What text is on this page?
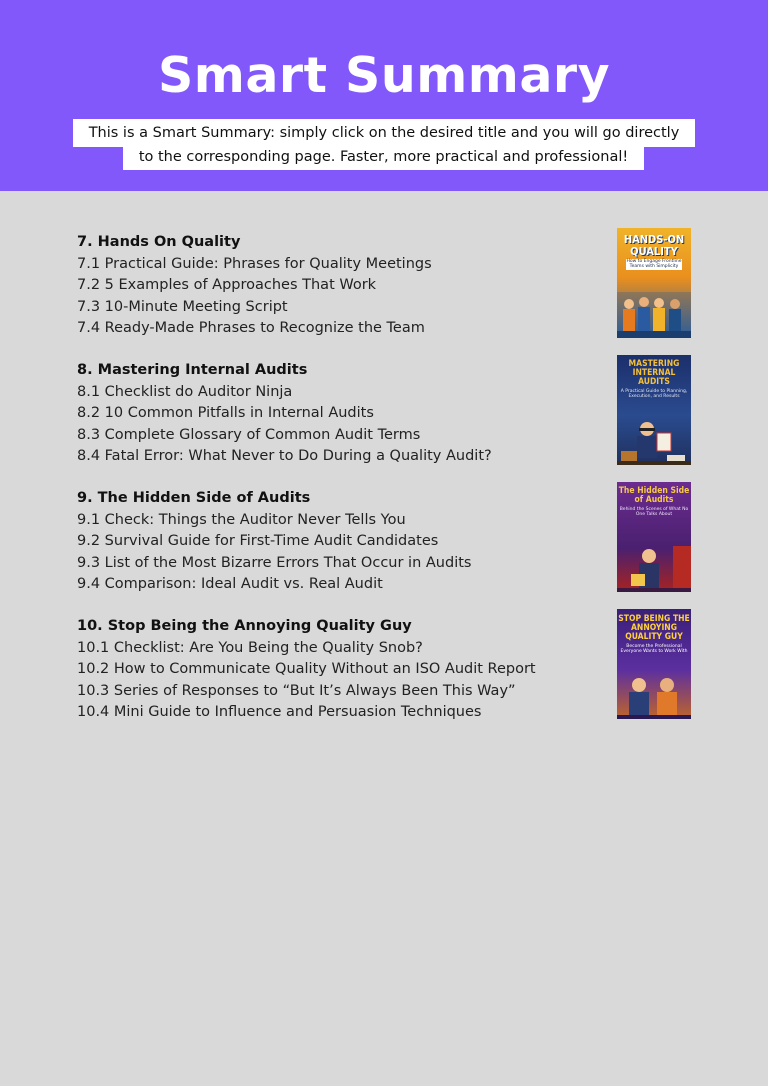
Smart Summary
This is a Smart Summary: simply click on the desired title and you will go directly
to the corresponding page. Faster, more practical and professional!
7. Hands On Quality
7.1 Practical Guide: Phrases for Quality Meetings
7.2 5 Examples of Approaches That Work
7.3 10-Minute Meeting Script
7.4 Ready-Made Phrases to Recognize the Team
HANDS-ON QUALITY
How to Engage Frontline Teams with Simplicity
8. Mastering Internal Audits
8.1 Checklist do Auditor Ninja
8.2 10 Common Pitfalls in Internal Audits
8.3 Complete Glossary of Common Audit Terms
8.4 Fatal Error: What Never to Do During a Quality Audit?
MASTERING INTERNAL AUDITS
A Practical Guide to Planning, Execution, and Results
9. The Hidden Side of Audits
9.1 Check: Things the Auditor Never Tells You
9.2 Survival Guide for First-Time Audit Candidates
9.3 List of the Most Bizarre Errors That Occur in Audits
9.4 Comparison: Ideal Audit vs. Real Audit
The Hidden Side of Audits
Behind the Scenes of What No One Talks About
10. Stop Being the Annoying Quality Guy
10.1 Checklist: Are You Being the Quality Snob?
10.2 How to Communicate Quality Without an ISO Audit Report
10.3 Series of Responses to “But It’s Always Been This Way”
10.4 Mini Guide to Influence and Persuasion Techniques
STOP BEING THE ANNOYING QUALITY GUY
Become the Professional Everyone Wants to Work With
